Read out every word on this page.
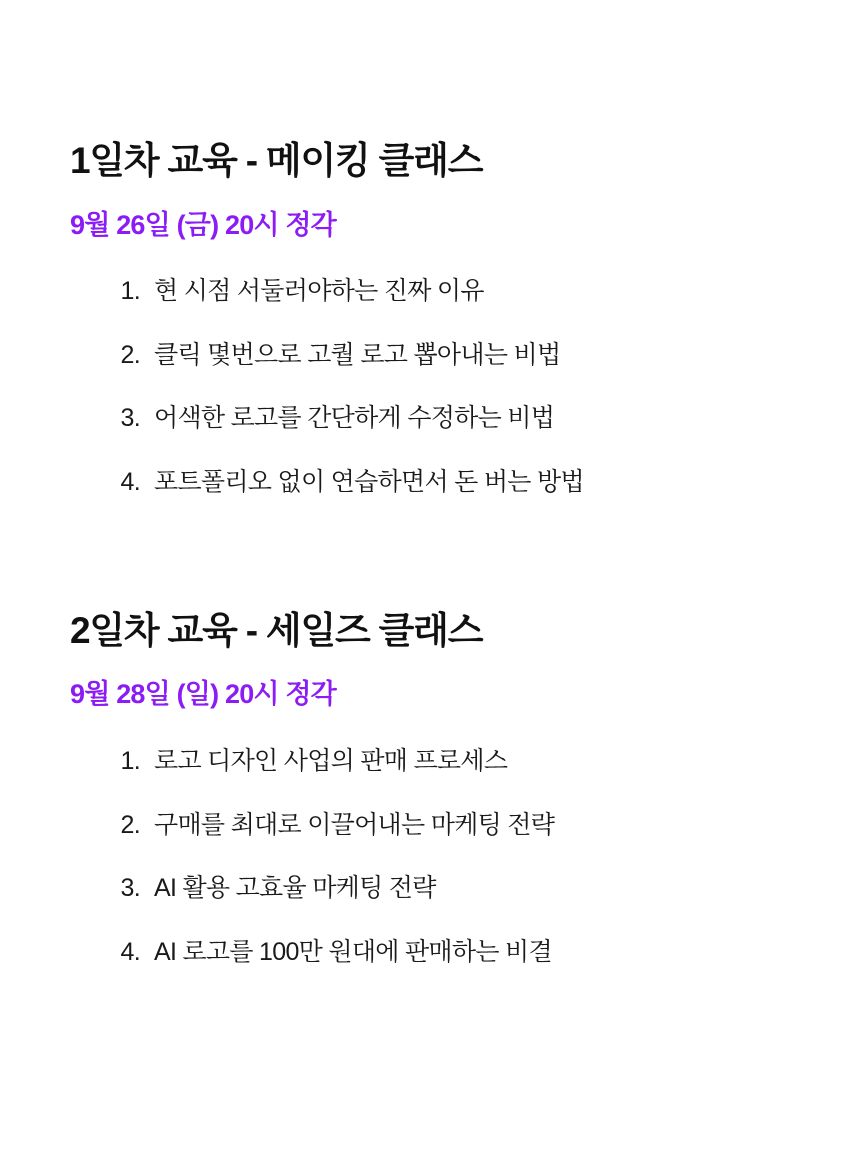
1일차 교육 - 메이킹 클래스
9월 26일 (금) 20시 정각
현 시점 서둘러야하는 진짜 이유
클릭 몇번으로 고퀄 로고 뽑아내는 비법
어색한 로고를 간단하게 수정하는 비법
포트폴리오 없이 연습하면서 돈 버는 방법
2일차 교육 - 세일즈 클래스
9월 28일 (일) 20시 정각
로고 디자인 사업의 판매 프로세스
구매를 최대로 이끌어내는 마케팅 전략
AI 활용 고효율 마케팅 전략
AI 로고를 100만 원대에 판매하는 비결
